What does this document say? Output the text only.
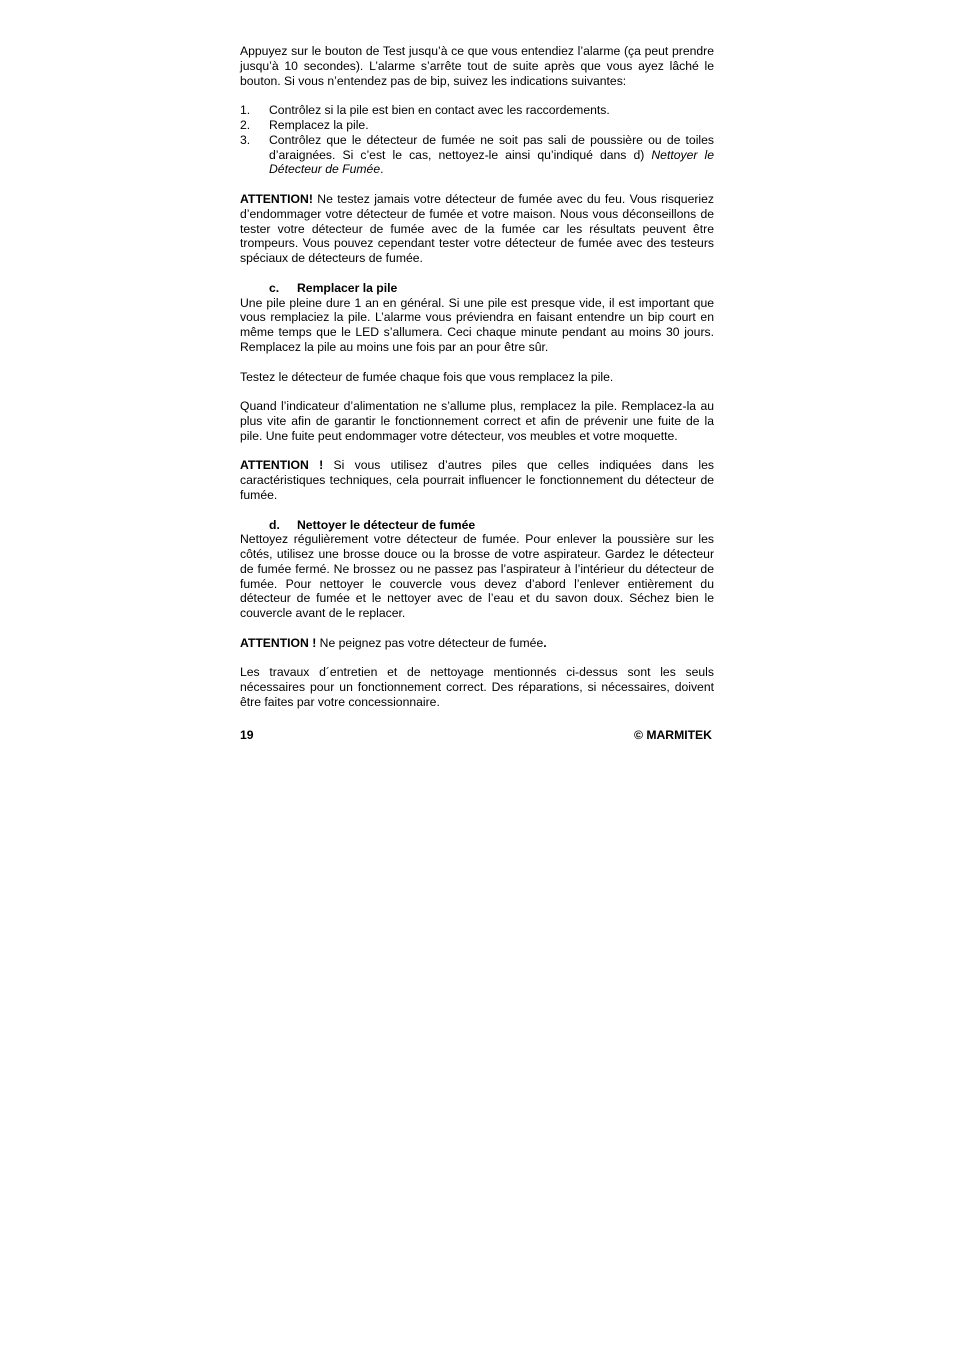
Appuyez sur le bouton de Test jusqu’à ce que vous entendiez l’alarme (ça peut prendre jusqu’à 10 secondes). L’alarme s’arrête tout de suite après que vous ayez lâché le bouton. Si vous n’entendez pas de bip, suivez les indications suivantes:

1. Contrôlez si la pile est bien en contact avec les raccordements.
2. Remplacez la pile.
3. Contrôlez que le détecteur de fumée ne soit pas sali de poussière ou de toiles d’araignées. Si c’est le cas, nettoyez-le ainsi qu’indiqué dans d) Nettoyer le Détecteur de Fumée.

ATTENTION! Ne testez jamais votre détecteur de fumée avec du feu. Vous risqueriez d’endommager votre détecteur de fumée et votre maison. Nous vous déconseillons de tester votre détecteur de fumée avec de la fumée car les résultats peuvent être trompeurs. Vous pouvez cependant tester votre détecteur de fumée avec des testeurs spéciaux de détecteurs de fumée.

c. Remplacer la pile

Une pile pleine dure 1 an en général. Si une pile est presque vide, il est important que vous remplaciez la pile. L’alarme vous préviendra en faisant entendre un bip court en même temps que le LED s’allumera. Ceci chaque minute pendant au moins 30 jours. Remplacez la pile au moins une fois par an pour être sûr.

Testez le détecteur de fumée chaque fois que vous remplacez la pile.

Quand l’indicateur d’alimentation ne s’allume plus, remplacez la pile. Remplacez-la au plus vite afin de garantir le fonctionnement correct et afin de prévenir une fuite de la pile. Une fuite peut endommager votre détecteur, vos meubles et votre moquette.

ATTENTION ! Si vous utilisez d’autres piles que celles indiquées dans les caractéristiques techniques, cela pourrait influencer le fonctionnement du détecteur de fumée.

d. Nettoyer le détecteur de fumée

Nettoyez régulièrement votre détecteur de fumée. Pour enlever la poussière sur les côtés, utilisez une brosse douce ou la brosse de votre aspirateur. Gardez le détecteur de fumée fermé. Ne brossez ou ne passez pas l’aspirateur à l’intérieur du détecteur de fumée. Pour nettoyer le couvercle vous devez d’abord l’enlever entièrement du détecteur de fumée et le nettoyer avec de l’eau et du savon doux. Séchez bien le couvercle avant de le replacer.

ATTENTION ! Ne peignez pas votre détecteur de fumée.

Les travaux d´entretien et de nettoyage mentionnés ci-dessus sont les seuls nécessaires pour un fonctionnement correct. Des réparations, si nécessaires, doivent être faites par votre concessionnaire.

19	© MARMITEK
